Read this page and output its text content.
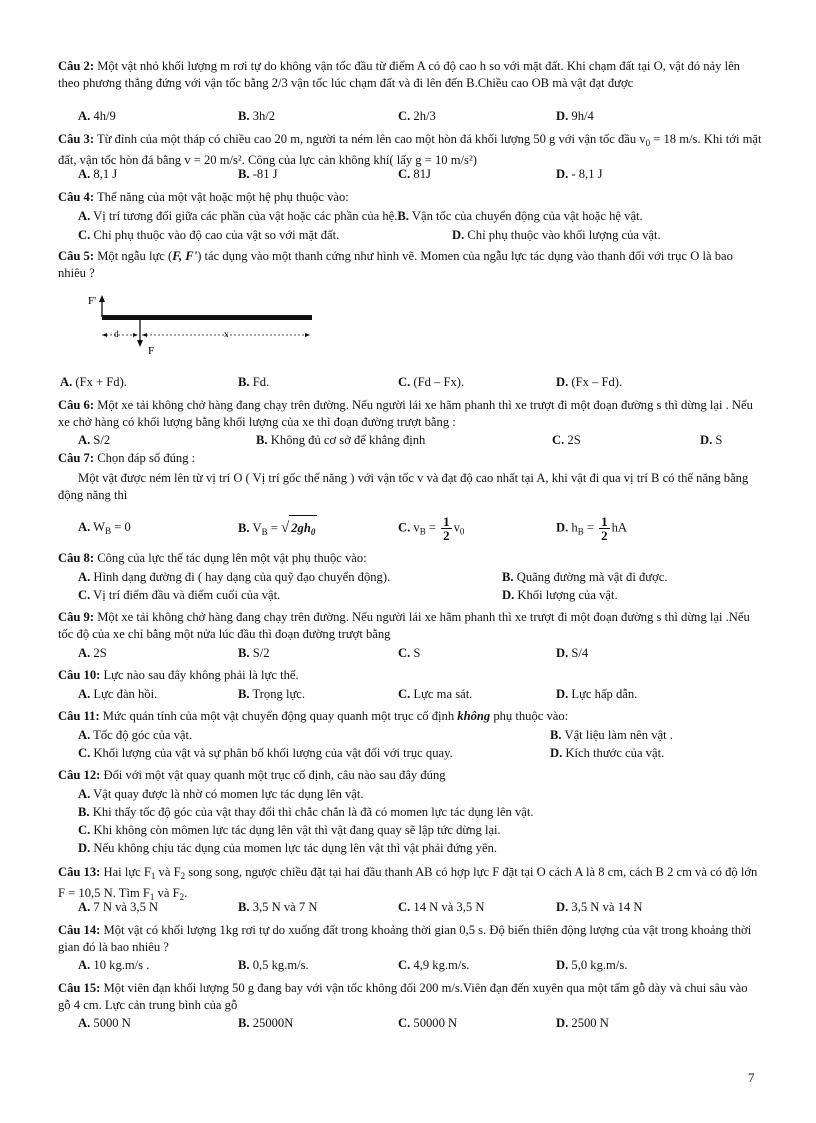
Câu 2: Một vật nhỏ khối lượng m rơi tự do không vận tốc đầu từ điểm A có độ cao h so với mặt đất. Khi chạm đất tại O, vật đó nảy lên theo phương thẳng đứng với vận tốc bằng 2/3 vận tốc lúc chạm đất và đi lên đến B.Chiều cao OB mà vật đạt được

A. 4h/9	B. 3h/2	C. 2h/3	D. 9h/4

Câu 3: Từ đỉnh của một tháp có chiều cao 20 m, người ta ném lên cao một hòn đá khối lượng 50 g với vận tốc đầu $v_0 = 18$ m/s. Khi tới mặt đất, vận tốc hòn đá bằng v = 20 m/s². Công của lực cản không khí( lấy g = 10 m/s²)

A. 8,1 J	B. -81 J	C. 81J	D. - 8,1 J

Câu 4: Thế năng của một vật hoặc một hệ phụ thuộc vào:

A. Vị trí tương đối giữa các phần của vật hoặc các phần của hệ.B. Vận tốc của chuyển động của vật hoặc hệ vật.
C. Chỉ phụ thuộc vào độ cao của vật so với mặt đất.	D. Chỉ phụ thuộc vào khối lượng của vật.

Câu 5: Một ngẫu lực (F, F') tác dụng vào một thanh cứng như hình vẽ. Momen của ngẫu lực tác dụng vào thanh đối với trục O là bao nhiêu ?

F'
F
d	x
A. (Fx + Fd).	B. Fd.	C. (Fd – Fx).	D. (Fx – Fd).

Câu 6: Một xe tải không chở hàng đang chạy trên đường. Nếu người lái xe hãm phanh thì xe trượt đi một đoạn đường s thì dừng lại . Nếu xe chở hàng có khối lượng bằng khối lượng của xe thì đoạn đường trượt bằng :

A. S/2	B. Không đủ cơ sở để khẳng định	C. 2S	D. S

Câu 7: Chọn đáp số đúng :

Một vật được ném lên từ vị trí O ( Vị trí gốc thế năng ) với vận tốc v và đạt độ cao nhất tại A, khi vật đi qua vị trí B có thế năng bằng động năng thì

A. $W_B = 0$	B. $V_B$ = √ $2gh_0$	C. $v_B = \frac{1}{2} v_0$	D. $h_B = \frac{1}{2}$ hA

Câu 8: Công của lực thế tác dụng lên một vật phụ thuộc vào:

A. Hình dạng đường đi ( hay dạng của quỹ đạo chuyển động).	B. Quãng đường mà vật đi được.
C. Vị trí điểm đầu và điểm cuối của vật.	D. Khối lượng của vật.

Câu 9: Một xe tải không chở hàng đang chạy trên đường. Nếu người lái xe hãm phanh thì xe trượt đi một đoạn đường s thì dừng lại .Nếu tốc độ của xe chỉ bằng một nửa lúc đầu thì đoạn đường trượt bằng

A. 2S	B. S/2	C. S	D. S/4

Câu 10: Lực nào sau đây không phải là lực thế.

A. Lực đàn hồi.	B. Trọng lực.	C. Lực ma sát.	D. Lực hấp dẫn.

Câu 11: Mức quán tính của một vật chuyển động quay quanh một trục cố định không phụ thuộc vào:

A. Tốc độ góc của vật.	B. Vật liệu làm nên vật .
C. Khối lượng của vật và sự phân bố khối lượng của vật đối với trục quay.	D. Kích thước của vật.

Câu 12: Đối với một vật quay quanh một trục cố định, câu nào sau đây đúng

A. Vật quay được là nhờ có momen lực tác dụng lên vật.
B. Khi thấy tốc độ góc của vật thay đổi thì chắc chắn là đã có momen lực tác dụng lên vật.
C. Khi không còn mômen lực tác dụng lên vật thì vật đang quay sẽ lập tức dừng lại.
D. Nếu không chịu tác dụng của momen lực tác dụng lên vật thì vật phải đứng yên.

Câu 13: Hai lực $F_1$ và $F_2$ song song, ngược chiều đặt tại hai đầu thanh AB có hợp lực F đặt tại O cách A là 8 cm, cách B 2 cm và có độ lớn F = 10,5 N. Tìm $F_1$ và $F_2$.

A. 7 N và 3,5 N	B. 3,5 N và 7 N	C. 14 N và 3,5 N	D. 3,5 N và 14 N

Câu 14: Một vật có khối lượng 1kg rơi tự do xuống đất trong khoảng thời gian 0,5 s. Độ biến thiên động lượng của vật trong khoảng thời gian đó là bao nhiêu ?

A. 10 kg.m/s .	B. 0,5 kg.m/s.	C. 4,9 kg.m/s.	D. 5,0 kg.m/s.

Câu 15: Một viên đạn khối lượng 50 g đang bay với vận tốc không đổi 200 m/s.Viên đạn đến xuyên qua một tấm gỗ dày và chui sâu vào gỗ 4 cm. Lực cản trung bình của gỗ

A. 5000 N	B. 25000N	C. 50000 N	D. 2500 N
7
